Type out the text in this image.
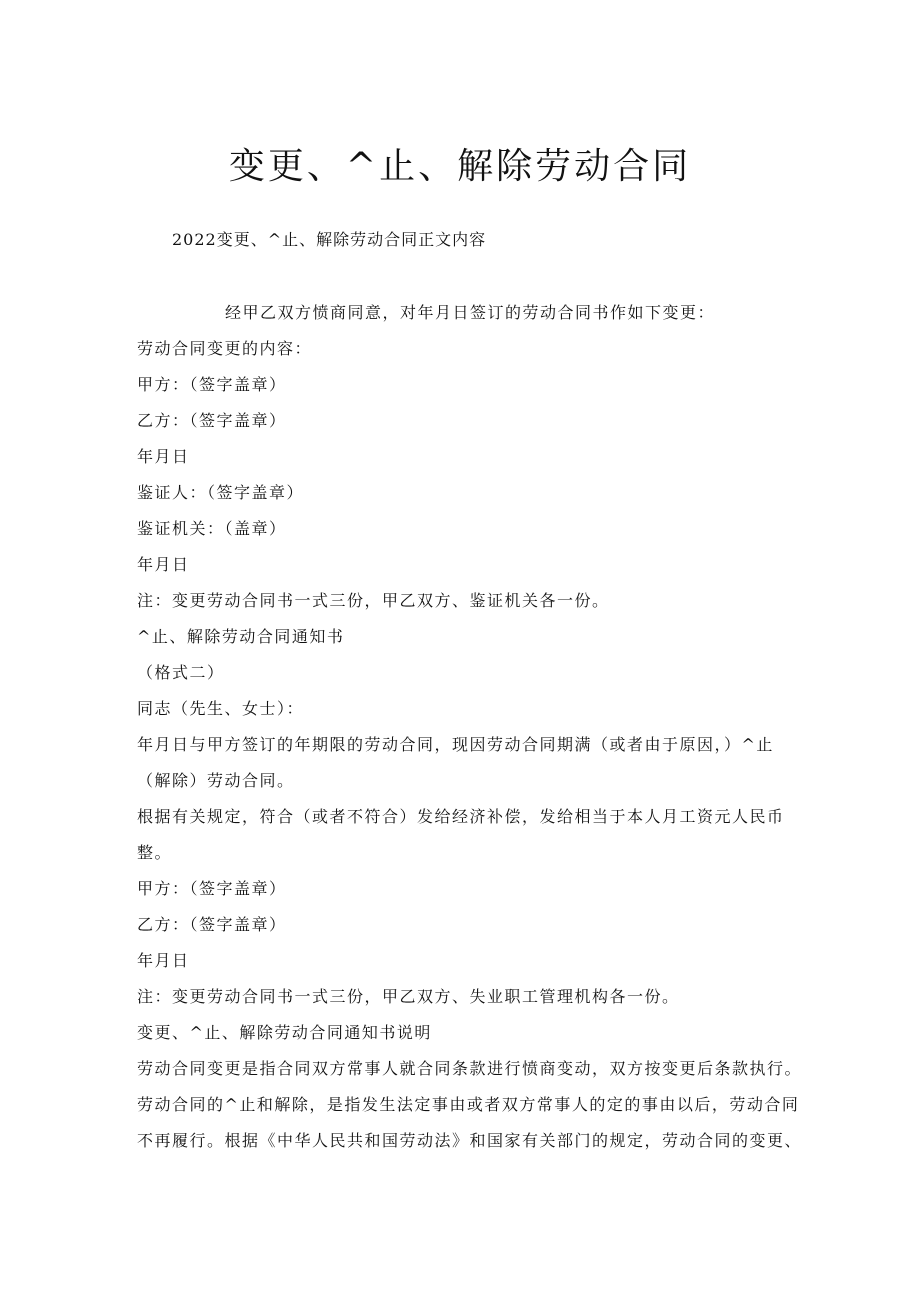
变更、^止、解除劳动合同
2022变更、^止、解除劳动合同正文内容
经甲乙双方愤商同意，对年月日签订的劳动合同书作如下变更：
劳动合同变更的内容：
甲方：（签字盖章）
乙方：（签字盖章）
年月日
鉴证人：（签字盖章）
鉴证机关：（盖章）
年月日
注：变更劳动合同书一式三份，甲乙双方、鉴证机关各一份。
^止、解除劳动合同通知书
（格式二）
同志（先生、女士）：
年月日与甲方签订的年期限的劳动合同，现因劳动合同期满（或者由于原因，）^止
（解除）劳动合同。
根据有关规定，符合（或者不符合）发给经济补偿，发给相当于本人月工资元人民币
整。
甲方：（签字盖章）
乙方：（签字盖章）
年月日
注：变更劳动合同书一式三份，甲乙双方、失业职工管理机构各一份。
变更、^止、解除劳动合同通知书说明
劳动合同变更是指合同双方常事人就合同条款进行愤商变动，双方按变更后条款执行。
劳动合同的^止和解除，是指发生法定事由或者双方常事人的定的事由以后，劳动合同
不再履行。根据《中华人民共和国劳动法》和国家有关部门的规定，劳动合同的变更、
